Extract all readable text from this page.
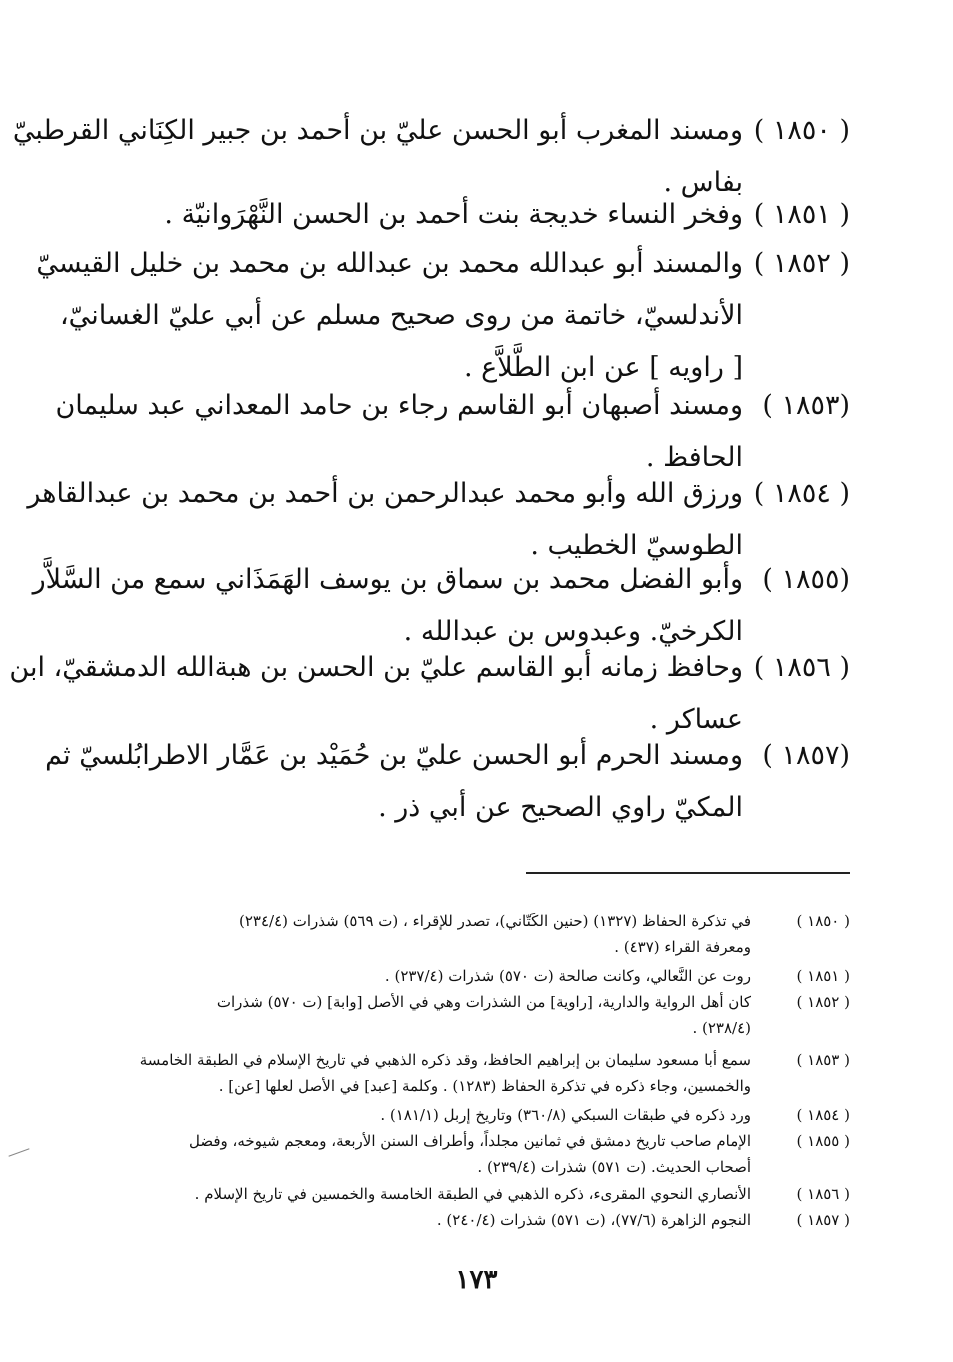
( ١٨٥٠ )
ومسند المغرب أبو الحسن عليّ بن أحمد بن جبير الكِنَاني القرطبيّ
بفاس .
( ١٨٥١ )
وفخر النساء خديجة بنت أحمد بن الحسن النَّهْرَوانيّة .
( ١٨٥٢ )
والمسند أبو عبدالله محمد بن عبدالله بن محمد بن خليل القيسيّ
الأندلسيّ، خاتمة من روى صحيح مسلم عن أبي عليّ الغسانيّ،
[ راويه ] عن ابن الطَّلاَّع .
(١٨٥٣ )
ومسند أصبهان أبو القاسم رجاء بن حامد المعداني عبد سليمان
الحافظ .
( ١٨٥٤ )
ورزق الله وأبو محمد عبدالرحمن بن أحمد بن محمد بن عبدالقاهر
الطوسيّ الخطيب .
(١٨٥٥ )
وأبو الفضل محمد بن سماق بن يوسف الهَمَذَاني سمع من السَّلاَّر
الكرخيّ. وعبدوس بن عبدالله .
( ١٨٥٦ )
وحافظ زمانه أبو القاسم عليّ بن الحسن بن هبةالله الدمشقيّ، ابن
عساكر .
(١٨٥٧ )
ومسند الحرم أبو الحسن عليّ بن حُمَيْد بن عَمَّار الاطرابُلسيّ ثم
المكيّ راوي الصحيح عن أبي ذر .
( ١٨٥٠ )
في تذكرة الحفاظ (١٣٢٧) (حنين الكَتّاني)، تصدر للإقراء ، (ت ٥٦٩) شذرات (٢٣٤/٤)
ومعرفة القراء (٤٣٧) .
( ١٨٥١ )
روت عن النَّعالي، وكانت صالحة (ت ٥٧٠) شذرات (٢٣٧/٤) .
( ١٨٥٢ )
كان أهل الرواية والدارية، [راوية] من الشذرات وهي في الأصل [وابة] (ت ٥٧٠) شذرات
(٢٣٨/٤) .
( ١٨٥٣ )
سمع أبا مسعود سليمان بن إبراهيم الحافظ، وقد ذكره الذهبي في تاريخ الإسلام في الطبقة الخامسة
والخمسين، وجاء ذكره في تذكرة الحفاظ (١٢٨٣) . وكلمة [عبد] في الأصل لعلها [عن] .
( ١٨٥٤ )
ورد ذكره في طبقات السبكي (٣٦٠/٨) وتاريخ إربل (١٨١/١) .
( ١٨٥٥ )
الإمام صاحب تاريخ دمشق في ثمانين مجلداً، وأطراف السنن الأربعة، ومعجم شيوخه، وفضل
أصحاب الحديث. (ت ٥٧١) شذرات (٢٣٩/٤) .
( ١٨٥٦ )
الأنصاري النحوي المقرىء، ذكره الذهبي في الطبقة الخامسة والخمسين في تاريخ الإسلام .
( ١٨٥٧ )
النجوم الزاهرة (٧٧/٦)، (ت ٥٧١) شذرات (٢٤٠/٤) .
١٧٣
